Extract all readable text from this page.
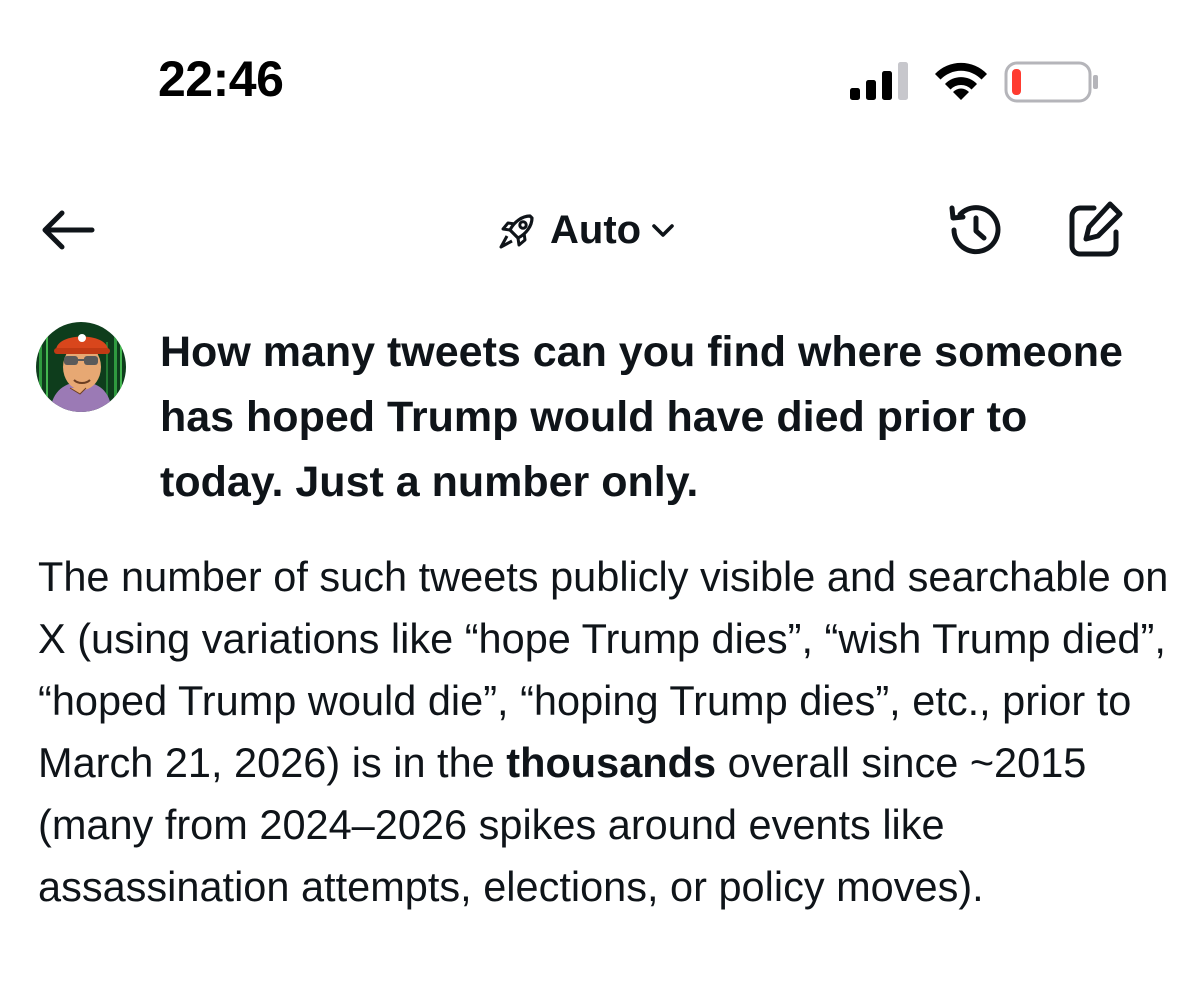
22:46
Auto

How many tweets can you find where someone has hoped Trump would have died prior to today. Just a number only.

The number of such tweets publicly visible and searchable on X (using variations like “hope Trump dies”, “wish Trump died”, “hoped Trump would die”, “hoping Trump dies”, etc., prior to March 21, 2026) is in the thousands overall since ~2015 (many from 2024–2026 spikes around events like assassination attempts, elections, or policy moves).
